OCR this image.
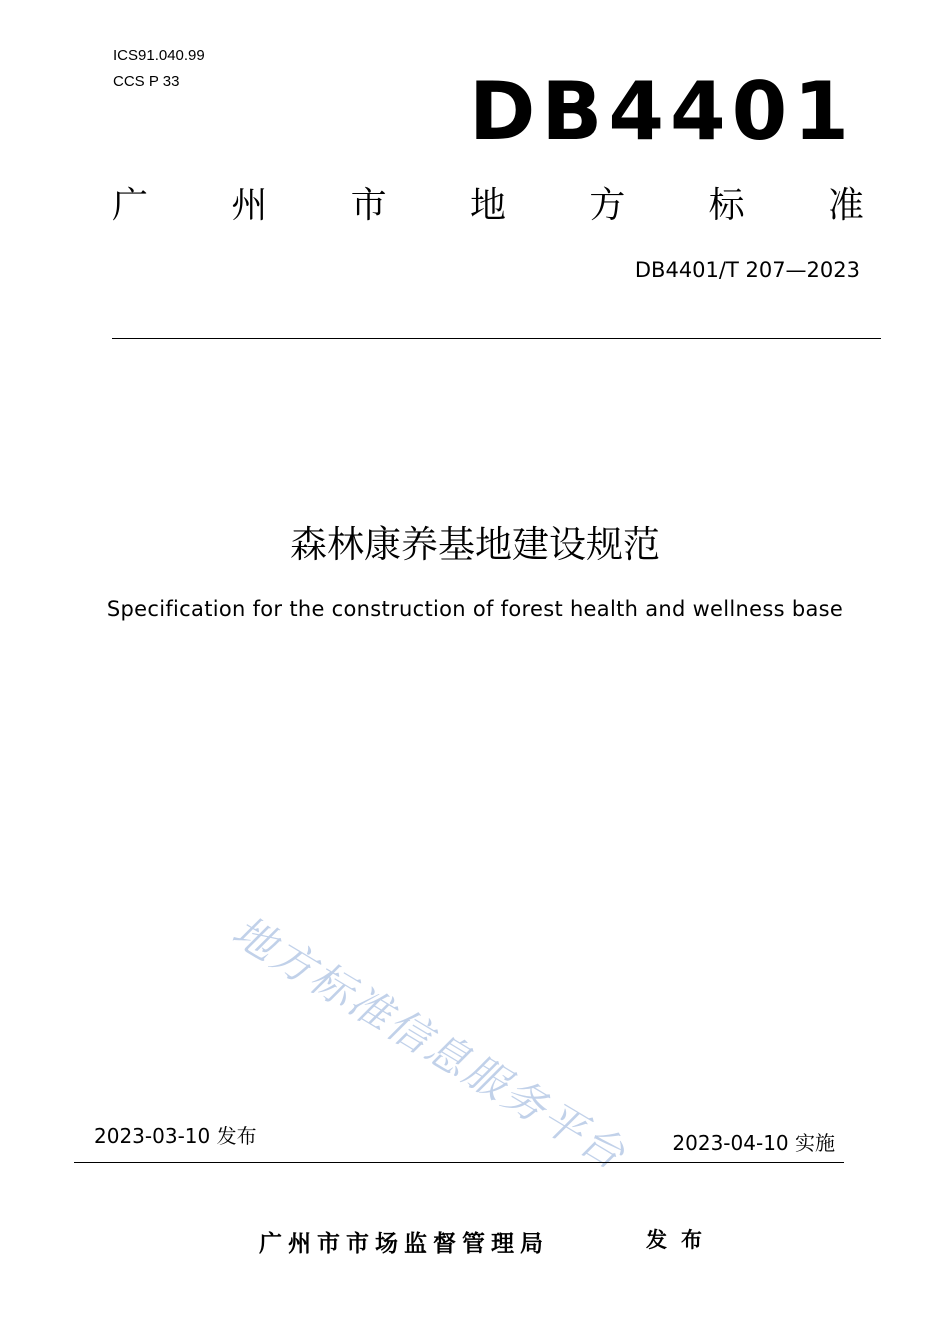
ICS91.040.99
CCS P 33	DB4401
广 州 市 地 方 标 准
DB4401/T 207—2023
森林康养基地建设规范
Specification for the construction of forest health and wellness base
地方标准信息服务平台
2023-03-10 发布	2023-04-10 实施
广州市市场监督管理局	发布
